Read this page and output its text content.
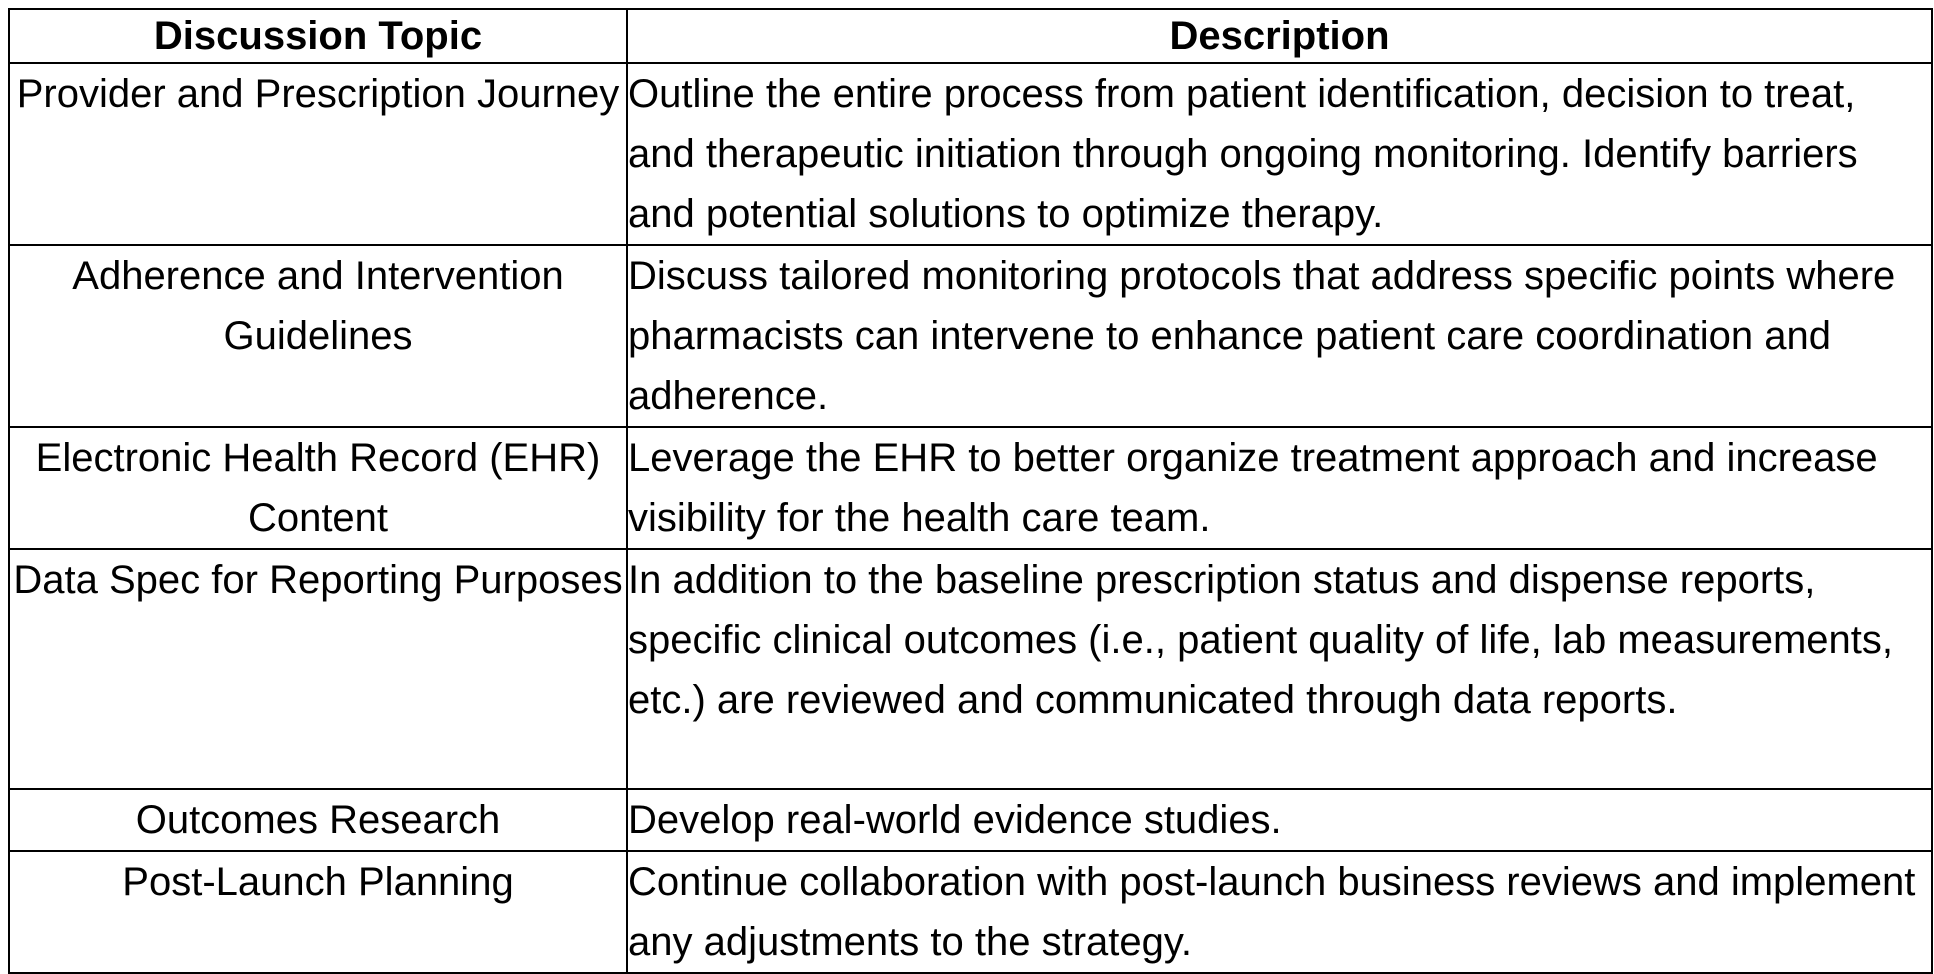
Discussion Topic	Description
Provider and Prescription Journey	Outline the entire process from patient identification, decision to treat, and therapeutic initiation through ongoing monitoring. Identify barriers and potential solutions to optimize therapy.
Adherence and Intervention Guidelines	Discuss tailored monitoring protocols that address specific points where pharmacists can intervene to enhance patient care coordination and adherence.
Electronic Health Record (EHR) Content	Leverage the EHR to better organize treatment approach and increase visibility for the health care team.
Data Spec for Reporting Purposes	In addition to the baseline prescription status and dispense reports, specific clinical outcomes (i.e., patient quality of life, lab measurements, etc.) are reviewed and communicated through data reports.
Outcomes Research	Develop real-world evidence studies.
Post-Launch Planning	Continue collaboration with post-launch business reviews and implement any adjustments to the strategy.
